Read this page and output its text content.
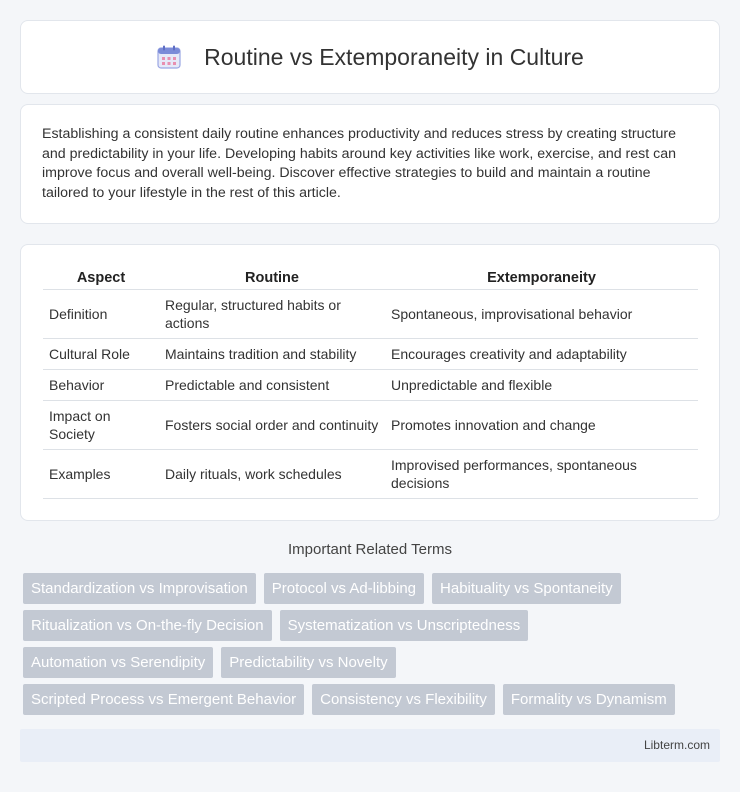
Routine vs Extemporaneity in Culture

Establishing a consistent daily routine enhances productivity and reduces stress by creating structure and predictability in your life. Developing habits around key activities like work, exercise, and rest can improve focus and overall well-being. Discover effective strategies to build and maintain a routine tailored to your lifestyle in the rest of this article.

Aspect	Routine	Extemporaneity
Definition	Regular, structured habits or actions	Spontaneous, improvisational behavior
Cultural Role	Maintains tradition and stability	Encourages creativity and adaptability
Behavior	Predictable and consistent	Unpredictable and flexible
Impact on Society	Fosters social order and continuity	Promotes innovation and change
Examples	Daily rituals, work schedules	Improvised performances, spontaneous decisions
Important Related Terms
Standardization vs Improvisation	Protocol vs Ad-libbing	Habituality vs Spontaneity
Ritualization vs On-the-fly Decision	Systematization vs Unscriptedness
Automation vs Serendipity	Predictability vs Novelty
Scripted Process vs Emergent Behavior	Consistency vs Flexibility	Formality vs Dynamism
Libterm.com
